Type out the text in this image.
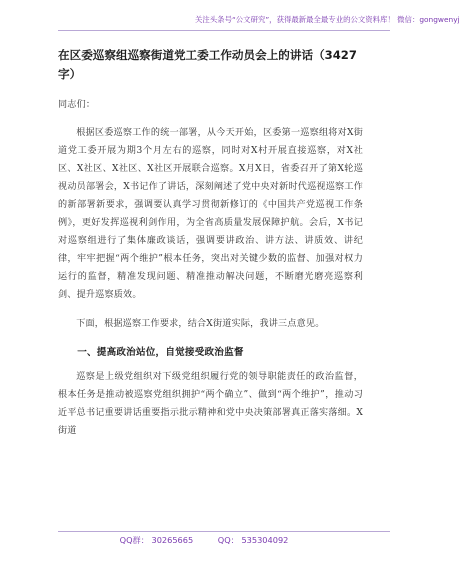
关注头条号“公文研究”，获得最新最全最专业的公文资料库！ 微信：gongwenyj
在区委巡察组巡察街道党工委工作动员会上的讲话（3427字）

同志们：

根据区委巡察工作的统一部署，从今天开始，区委第一巡察组将对X街道党工委开展为期3个月左右的巡察，同时对X村开展直接巡察，对X社区、X社区、X社区、X社区开展联合巡察。X月X日，省委召开了第X轮巡视动员部署会，X书记作了讲话，深刻阐述了党中央对新时代巡视巡察工作的新部署新要求，强调要认真学习贯彻新修订的《中国共产党巡视工作条例》，更好发挥巡视利剑作用，为全省高质量发展保障护航。会后，X书记对巡察组进行了集体廉政谈话，强调要讲政治、讲方法、讲质效、讲纪律，牢牢把握“两个维护”根本任务，突出对关键少数的监督、加强对权力运行的监督，精准发现问题、精准推动解决问题，不断磨光磨亮巡察利剑、提升巡察质效。

下面，根据巡察工作要求，结合X街道实际，我讲三点意见。

一、提高政治站位，自觉接受政治监督

巡察是上级党组织对下级党组织履行党的领导职能责任的政治监督，根本任务是推动被巡察党组织拥护“两个确立”、做到“两个维护”，推动习近平总书记重要讲话重要指示批示精神和党中央决策部署真正落实落细。X街道

QQ群： 30265665	QQ： 535304092
